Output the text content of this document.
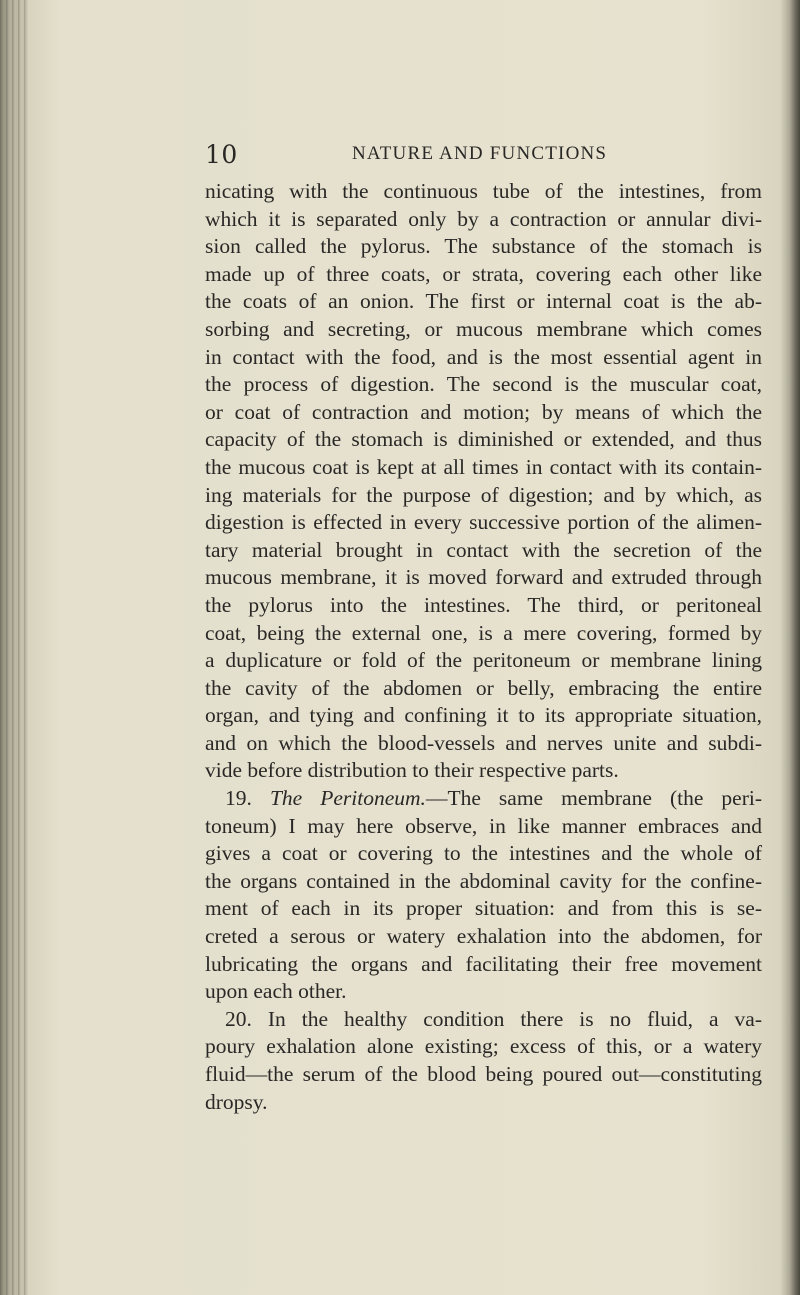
10	NATURE AND FUNCTIONS
nicating with the continuous tube of the intestines, from
which it is separated only by a contraction or annular divi-
sion called the pylorus. The substance of the stomach is
made up of three coats, or strata, covering each other like
the coats of an onion. The first or internal coat is the ab-
sorbing and secreting, or mucous membrane which comes
in contact with the food, and is the most essential agent in
the process of digestion. The second is the muscular coat,
or coat of contraction and motion; by means of which the
capacity of the stomach is diminished or extended, and thus
the mucous coat is kept at all times in contact with its contain-
ing materials for the purpose of digestion; and by which, as
digestion is effected in every successive portion of the alimen-
tary material brought in contact with the secretion of the
mucous membrane, it is moved forward and extruded through
the pylorus into the intestines. The third, or peritoneal
coat, being the external one, is a mere covering, formed by
a duplicature or fold of the peritoneum or membrane lining
the cavity of the abdomen or belly, embracing the entire
organ, and tying and confining it to its appropriate situation,
and on which the blood-vessels and nerves unite and subdi-
vide before distribution to their respective parts.
19. The Peritoneum.—The same membrane (the peri-
toneum) I may here observe, in like manner embraces and
gives a coat or covering to the intestines and the whole of
the organs contained in the abdominal cavity for the confine-
ment of each in its proper situation: and from this is se-
creted a serous or watery exhalation into the abdomen, for
lubricating the organs and facilitating their free movement
upon each other.
20. In the healthy condition there is no fluid, a va-
poury exhalation alone existing; excess of this, or a watery
fluid—the serum of the blood being poured out—constituting
dropsy.
